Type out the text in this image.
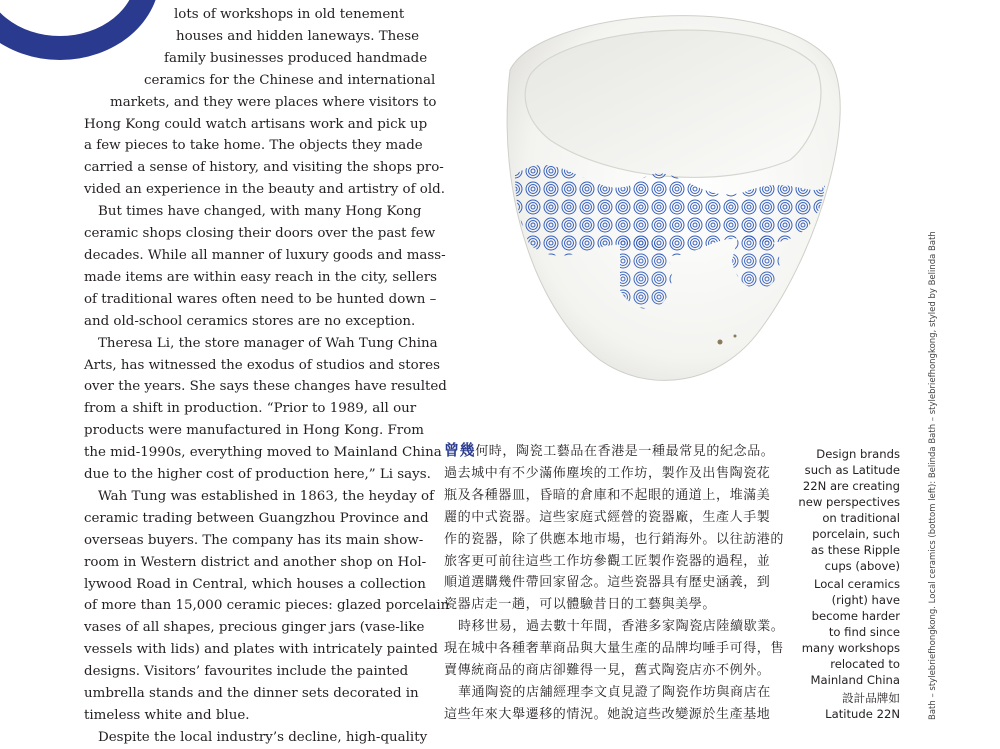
lots of workshops in old tenement
houses and hidden laneways. These
family businesses produced handmade
ceramics for the Chinese and international
markets, and they were places where visitors to
Hong Kong could watch artisans work and pick up
a few pieces to take home. The objects they made
carried a sense of history, and visiting the shops pro-
vided an experience in the beauty and artistry of old.
But times have changed, with many Hong Kong
ceramic shops closing their doors over the past few
decades. While all manner of luxury goods and mass-
made items are within easy reach in the city, sellers
of traditional wares often need to be hunted down –
and old-school ceramics stores are no exception.
Theresa Li, the store manager of Wah Tung China
Arts, has witnessed the exodus of studios and stores
over the years. She says these changes have resulted
from a shift in production. “Prior to 1989, all our
products were manufactured in Hong Kong. From
the mid-1990s, everything moved to Mainland China
due to the higher cost of production here,” Li says.
Wah Tung was established in 1863, the heyday of
ceramic trading between Guangzhou Province and
overseas buyers. The company has its main show-
room in Western district and another shop on Hol-
lywood Road in Central, which houses a collection
of more than 15,000 ceramic pieces: glazed porcelain
vases of all shapes, precious ginger jars (vase-like
vessels with lids) and plates with intricately painted
designs. Visitors’ favourites include the painted
umbrella stands and the dinner sets decorated in
timeless white and blue.
Despite the local industry’s decline, high-quality
曾幾何時，陶瓷工藝品在香港是一種最常見的紀念品。
過去城中有不少滿佈塵埃的工作坊，製作及出售陶瓷花
瓶及各種器皿，昏暗的倉庫和不起眼的通道上，堆滿美
麗的中式瓷器。這些家庭式經營的瓷器廠，生產人手製
作的瓷器，除了供應本地市場，也行銷海外。以往訪港的
旅客更可前往這些工作坊參觀工匠製作瓷器的過程，並
順道選購幾件帶回家留念。這些瓷器具有歷史涵義，到
瓷器店走一趟，可以體驗昔日的工藝與美學。
時移世易，過去數十年間，香港多家陶瓷店陸續歇業。
現在城中各種奢華商品與大量生產的品牌均唾手可得，售
賣傳統商品的商店卻難得一見，舊式陶瓷店亦不例外。
華通陶瓷的店舖經理李文貞見證了陶瓷作坊與商店在
這些年來大舉遷移的情況。她說這些改變源於生產基地

Design brands
such as Latitude
22N are creating
new perspectives
on traditional
porcelain, such
as these Ripple
cups (above)

Local ceramics
(right) have
become harder
to find since
many workshops
relocated to
Mainland China

設計品牌如
Latitude 22N	Bath – stylebriefhongkong. Local ceramics (bottom left): Belinda Bath – stylebriefhongkong, styled by Belinda Bath
